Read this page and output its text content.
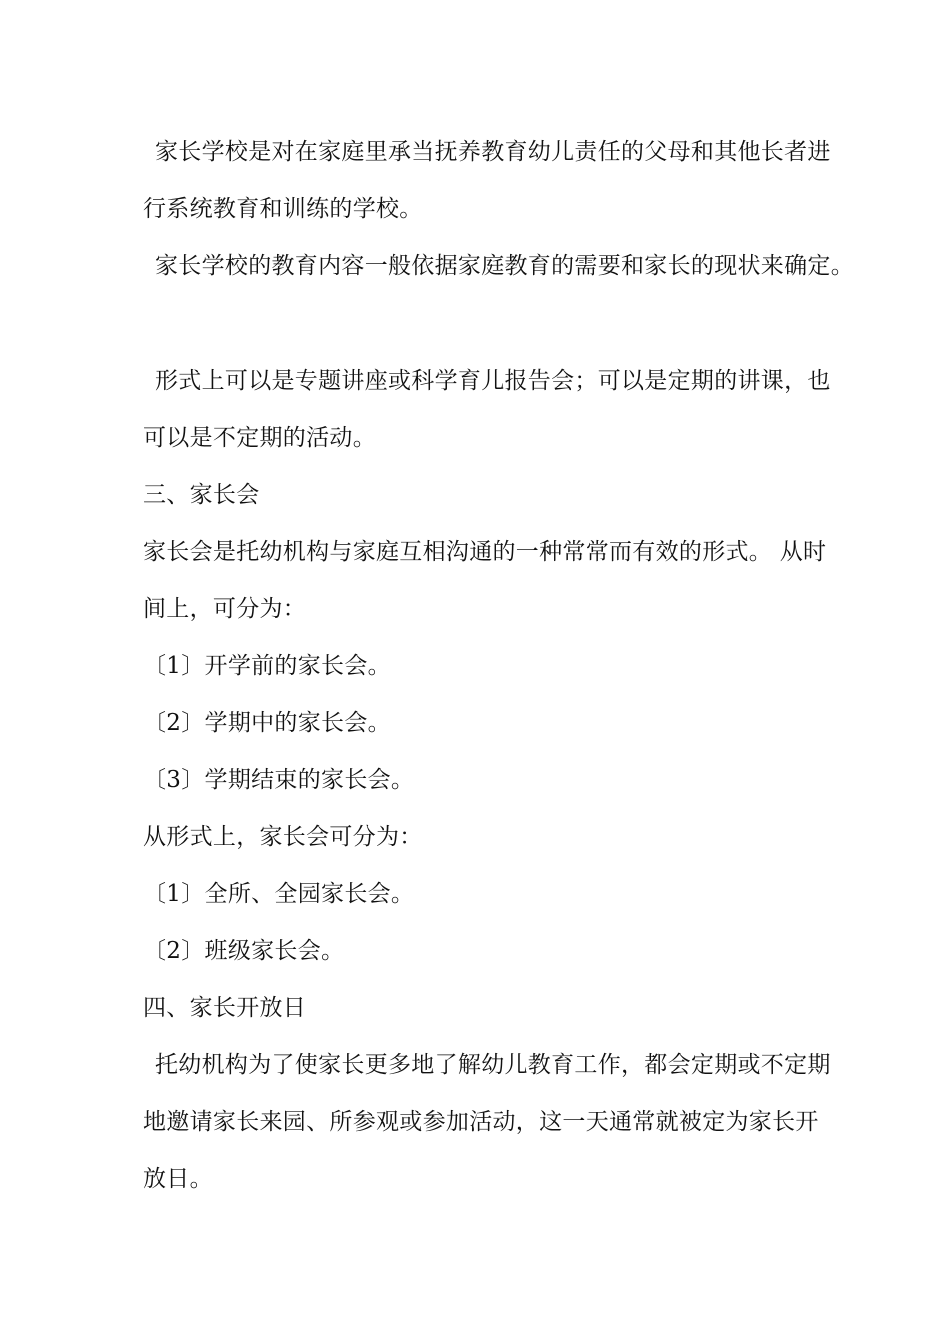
家长学校是对在家庭里承当抚养教育幼儿责任的父母和其他长者进
行系统教育和训练的学校。
家长学校的教育内容一般依据家庭教育的需要和家长的现状来确定。
形式上可以是专题讲座或科学育儿报告会；可以是定期的讲课，也
可以是不定期的活动。
三、家长会
家长会是托幼机构与家庭互相沟通的一种常常而有效的形式。 从时
间上，可分为：
〔1〕开学前的家长会。
〔2〕学期中的家长会。
〔3〕学期结束的家长会。
从形式上，家长会可分为：
〔1〕全所、全园家长会。
〔2〕班级家长会。
四、家长开放日
托幼机构为了使家长更多地了解幼儿教育工作，都会定期或不定期
地邀请家长来园、所参观或参加活动，这一天通常就被定为家长开
放日。
